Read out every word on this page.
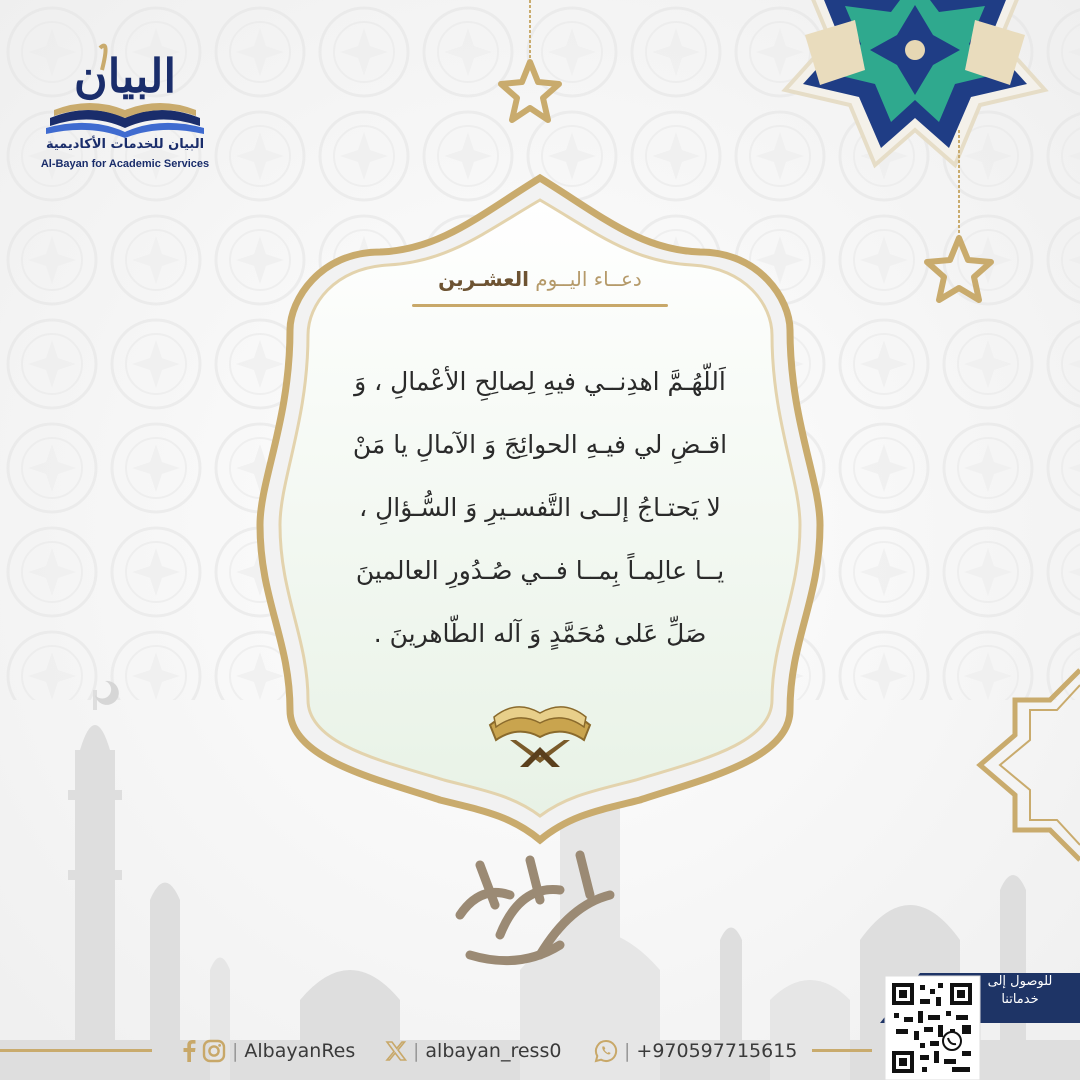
البيان
البيان للخدمات الأكاديمية
Al-Bayan for Academic Services
دعــاء اليــوم العشـرين
اَللّهُـمَّ اهدِنــي فيهِ لِصالِحِ الأعْمالِ ، وَ
اقـضِ لي فيـهِ الحوائِجَ وَ الآمالِ يا مَنْ
لا يَحتـاجُ إلــى التَّفسـيرِ وَ السُّـؤالِ ،
يــا عالِمـاً بِمــا فــي صُـدُورِ العالمينَ
صَلِّ عَلى مُحَمَّدٍ وَ آله الطّاهرينَ .
رمضان كريم
للوصول إلى
خدماتنا
| AlbayanRes	| albayan_ress0	| +970597715615
